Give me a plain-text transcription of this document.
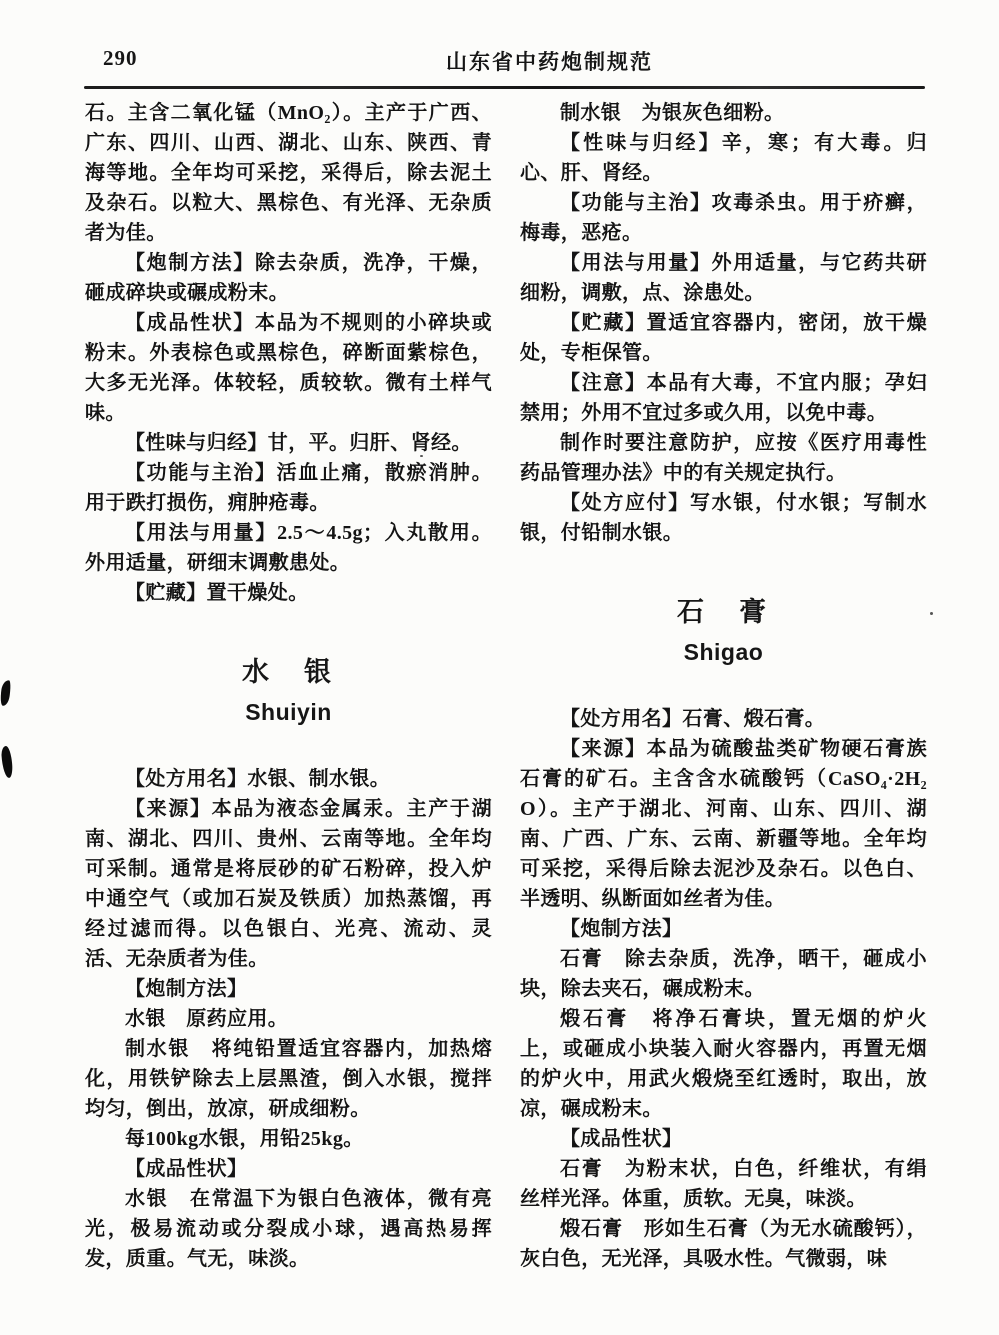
290	山东省中药炮制规范

石。主含二氧化锰（MnO₂）。主产于广西、广东、四川、山西、湖北、山东、陕西、青海等地。全年均可采挖，采得后，除去泥土及杂石。以粒大、黑棕色、有光泽、无杂质者为佳。

【炮制方法】除去杂质，洗净，干燥，砸成碎块或碾成粉末。

【成品性状】本品为不规则的小碎块或粉末。外表棕色或黑棕色，碎断面紫棕色，大多无光泽。体较轻，质较软。微有土样气味。

【性味与归经】甘，平。归肝、肾经。

【功能与主治】活血止痛，散瘀消肿。用于跌打损伤，痈肿疮毒。

【用法与用量】2.5～4.5g；入丸散用。外用适量，研细末调敷患处。

【贮藏】置干燥处。

水　银
Shuiyin

【处方用名】水银、制水银。

【来源】本品为液态金属汞。主产于湖南、湖北、四川、贵州、云南等地。全年均可采制。通常是将辰砂的矿石粉碎，投入炉中通空气（或加石炭及铁质）加热蒸馏，再经过滤而得。以色银白、光亮、流动、灵活、无杂质者为佳。

【炮制方法】

水银　原药应用。

制水银　将纯铅置适宜容器内，加热熔化，用铁铲除去上层黑渣，倒入水银，搅拌均匀，倒出，放凉，研成细粉。

每100kg水银，用铅25kg。

【成品性状】

水银　在常温下为银白色液体，微有亮光，极易流动或分裂成小球，遇高热易挥发，质重。气无，味淡。

制水银　为银灰色细粉。

【性味与归经】辛，寒；有大毒。归心、肝、肾经。

【功能与主治】攻毒杀虫。用于疥癣，梅毒，恶疮。

【用法与用量】外用适量，与它药共研细粉，调敷，点、涂患处。

【贮藏】置适宜容器内，密闭，放干燥处，专柜保管。

【注意】本品有大毒，不宜内服；孕妇禁用；外用不宜过多或久用，以免中毒。

制作时要注意防护，应按《医疗用毒性药品管理办法》中的有关规定执行。

【处方应付】写水银，付水银；写制水银，付铅制水银。

石　膏
Shigao

【处方用名】石膏、煅石膏。

【来源】本品为硫酸盐类矿物硬石膏族石膏的矿石。主含含水硫酸钙（CaSO₄·2H₂O）。主产于湖北、河南、山东、四川、湖南、广西、广东、云南、新疆等地。全年均可采挖，采得后除去泥沙及杂石。以色白、半透明、纵断面如丝者为佳。

【炮制方法】

石膏　除去杂质，洗净，晒干，砸成小块，除去夹石，碾成粉末。

煅石膏　将净石膏块，置无烟的炉火上，或砸成小块装入耐火容器内，再置无烟的炉火中，用武火煅烧至红透时，取出，放凉，碾成粉末。

【成品性状】

石膏　为粉末状，白色，纤维状，有绢丝样光泽。体重，质软。无臭，味淡。

煅石膏　形如生石膏（为无水硫酸钙），灰白色，无光泽，具吸水性。气微弱，味
